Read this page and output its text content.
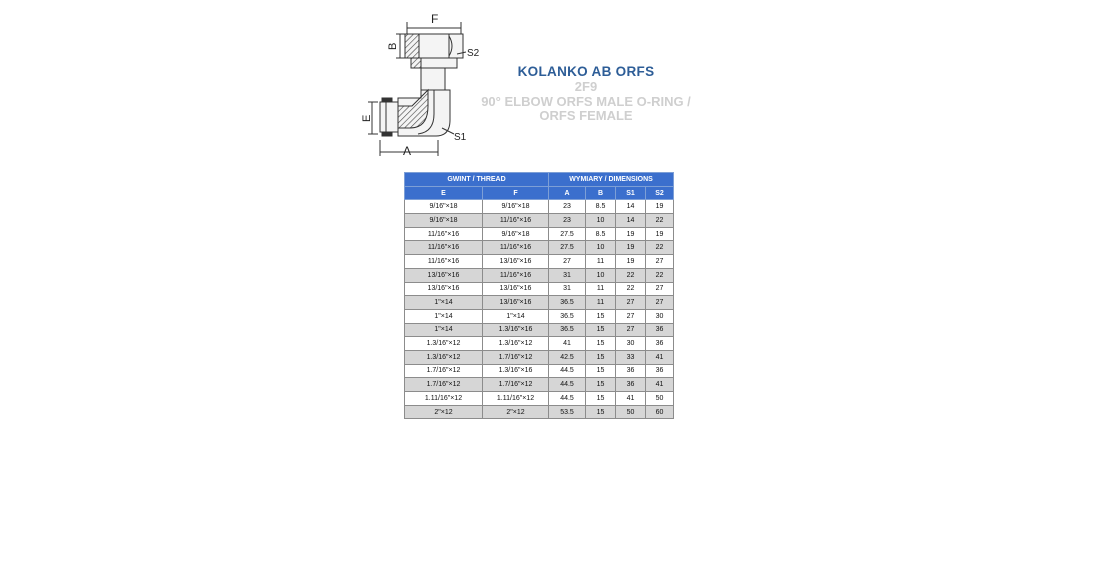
F
B
S2
E
S1
A
KOLANKO AB ORFS
2F9
90° ELBOW ORFS MALE O-RING /
ORFS FEMALE
GWINT / THREAD		WYMIARY / DIMENSIONS			
E	F	A	B	S1	S2
9/16"×18	9/16"×18	23	8.5	14	19
9/16"×18	11/16"×16	23	10	14	22
11/16"×16	9/16"×18	27.5	8.5	19	19
11/16"×16	11/16"×16	27.5	10	19	22
11/16"×16	13/16"×16	27	11	19	27
13/16"×16	11/16"×16	31	10	22	22
13/16"×16	13/16"×16	31	11	22	27
1"×14	13/16"×16	36.5	11	27	27
1"×14	1"×14	36.5	15	27	30
1"×14	1.3/16"×16	36.5	15	27	36
1.3/16"×12	1.3/16"×12	41	15	30	36
1.3/16"×12	1.7/16"×12	42.5	15	33	41
1.7/16"×12	1.3/16"×16	44.5	15	36	36
1.7/16"×12	1.7/16"×12	44.5	15	36	41
1.11/16"×12	1.11/16"×12	44.5	15	41	50
2"×12	2"×12	53.5	15	50	60
